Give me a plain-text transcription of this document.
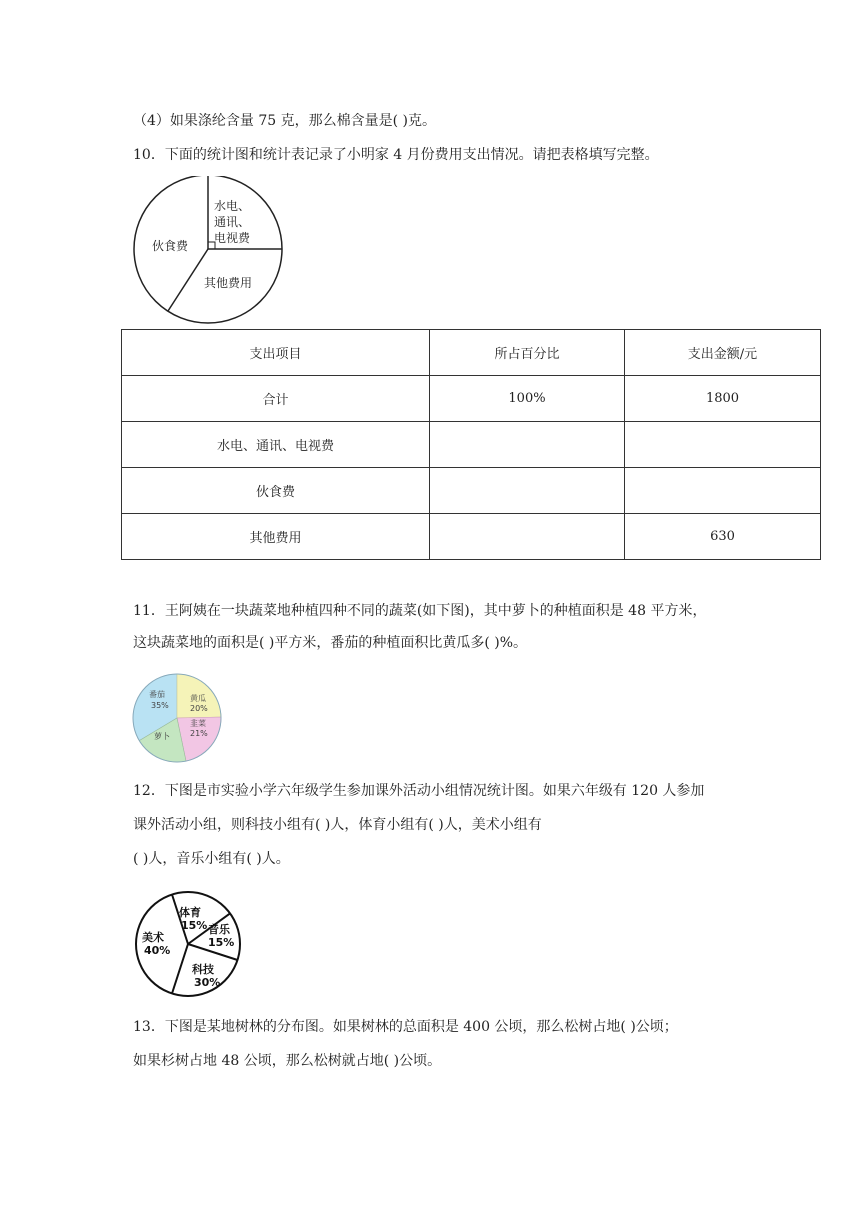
（4）如果涤纶含量 75 克，那么棉含量是( )克。
10．下面的统计图和统计表记录了小明家 4 月份费用支出情况。请把表格填写完整。
水电、
通讯、
电视费
伙食费
其他费用
支出项目	所占百分比	支出金额/元
合计	100%	1800
水电、通讯、电视费		
伙食费		
其他费用		630
11．王阿姨在一块蔬菜地种植四种不同的蔬菜(如下图)，其中萝卜的种植面积是 48 平方米，
这块蔬菜地的面积是( )平方米，番茄的种植面积比黄瓜多( )%。
番茄
35%
黄瓜
20%
韭菜
21%
萝卜
12．下图是市实验小学六年级学生参加课外活动小组情况统计图。如果六年级有 120 人参加
课外活动小组，则科技小组有( )人，体育小组有( )人，美术小组有
( )人，音乐小组有( )人。
体育
15% 音乐
15%
科技
30%
美术
40%
13．下图是某地树林的分布图。如果树林的总面积是 400 公顷，那么松树占地( )公顷；
如果杉树占地 48 公顷，那么松树就占地( )公顷。
